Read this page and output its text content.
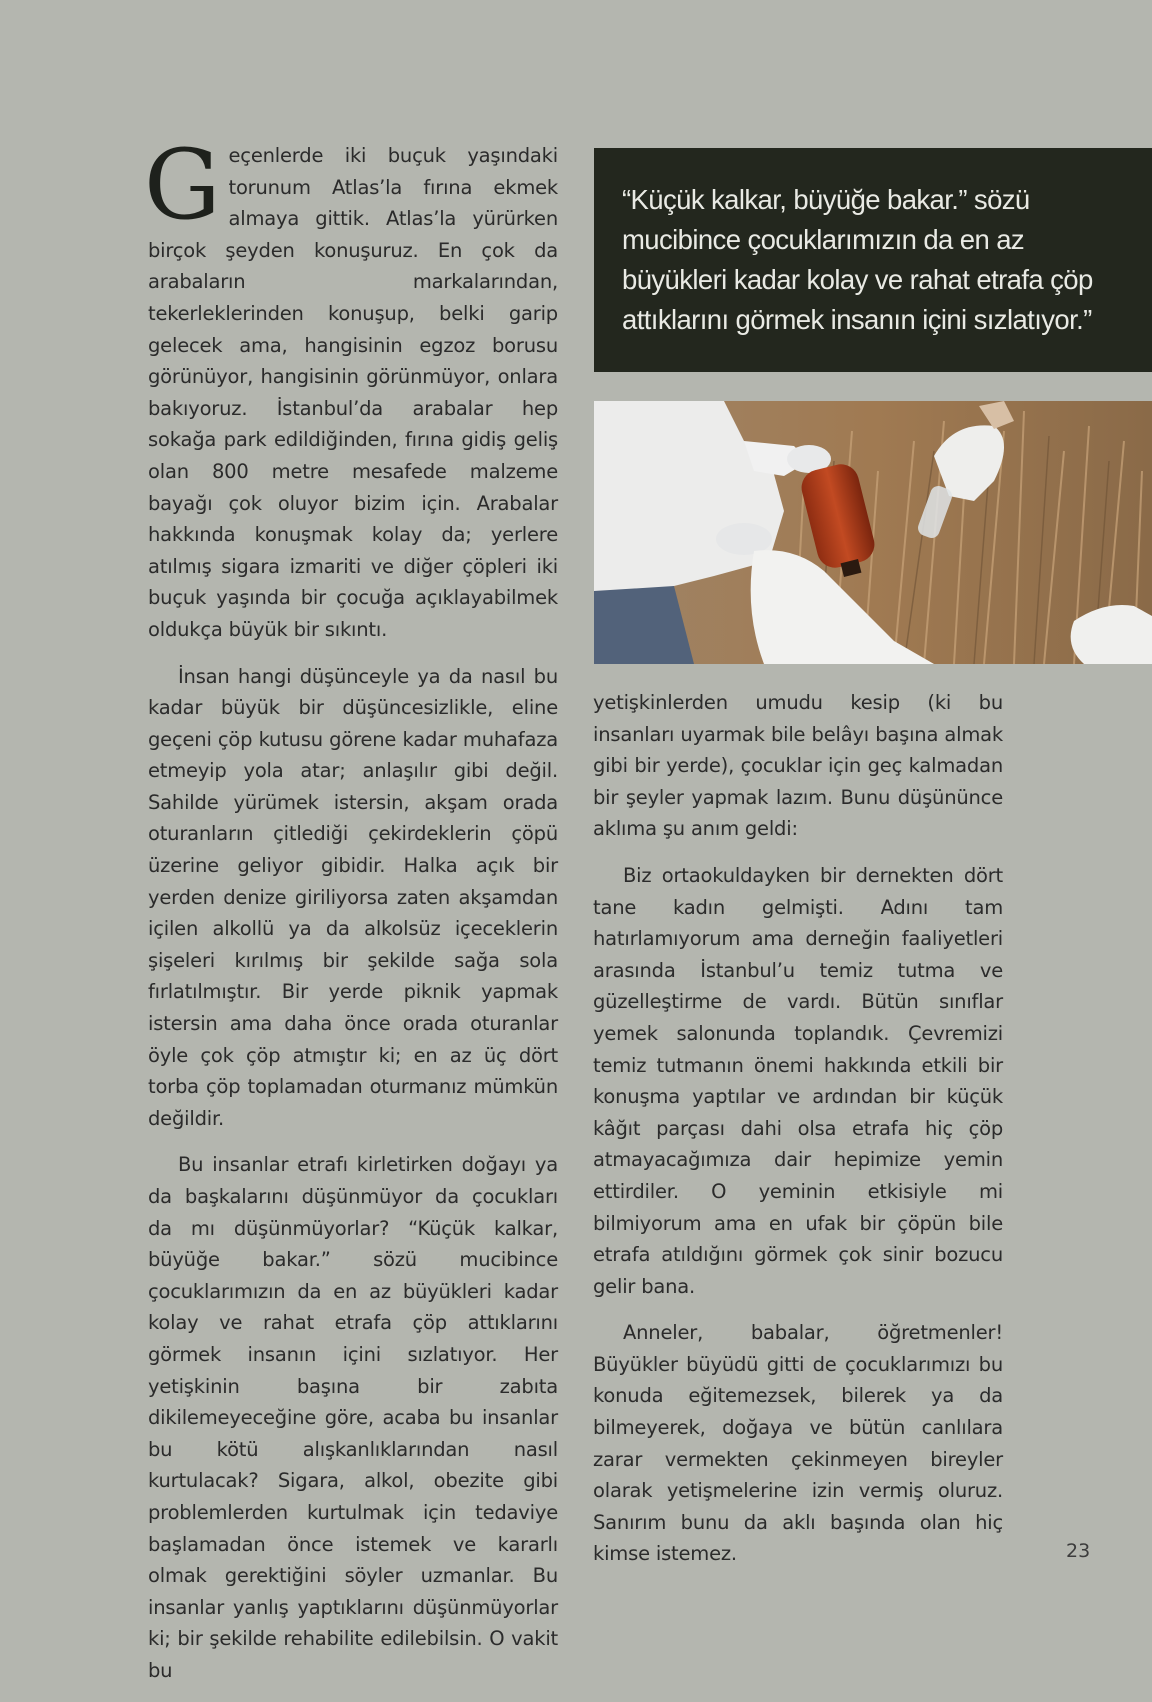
Geçenlerde iki buçuk yaşındaki torunum Atlas’la fırına ekmek almaya gittik. Atlas’la yürürken birçok şeyden konuşuruz. En çok da arabaların markalarından, tekerleklerinden konuşup, belki garip gelecek ama, hangisinin egzoz borusu görünüyor, hangisinin görünmüyor, onlara bakıyoruz. İstanbul’da arabalar hep sokağa park edildiğinden, fırına gidiş geliş olan 800 metre mesafede malzeme bayağı çok oluyor bizim için. Arabalar hakkında konuşmak kolay da; yerlere atılmış sigara izmariti ve diğer çöpleri iki buçuk yaşında bir çocuğa açıklayabilmek oldukça büyük bir sıkıntı.

İnsan hangi düşünceyle ya da nasıl bu kadar büyük bir düşüncesizlikle, eline geçeni çöp kutusu görene kadar muhafaza etmeyip yola atar; anlaşılır gibi değil. Sahilde yürümek istersin, akşam orada oturanların çitlediği çekirdeklerin çöpü üzerine geliyor gibidir. Halka açık bir yerden denize giriliyorsa zaten akşamdan içilen alkollü ya da alkolsüz içeceklerin şişeleri kırılmış bir şekilde sağa sola fırlatılmıştır. Bir yerde piknik yapmak istersin ama daha önce orada oturanlar öyle çok çöp atmıştır ki; en az üç dört torba çöp toplamadan oturmanız mümkün değildir.

Bu insanlar etrafı kirletirken doğayı ya da başkalarını düşünmüyor da çocukları da mı düşünmüyorlar? “Küçük kalkar, büyüğe bakar.” sözü mucibince çocuklarımızın da en az büyükleri kadar kolay ve rahat etrafa çöp attıklarını görmek insanın içini sızlatıyor. Her yetişkinin başına bir zabıta dikilemeyeceğine göre, acaba bu insanlar bu kötü alışkanlıklarından nasıl kurtulacak? Sigara, alkol, obezite gibi problemlerden kurtulmak için tedaviye başlamadan önce istemek ve kararlı olmak gerektiğini söyler uzmanlar. Bu insanlar yanlış yaptıklarını düşünmüyorlar ki; bir şekilde rehabilite edilebilsin. O vakit bu

“Küçük kalkar, büyüğe bakar.” sözü mucibince çocuklarımızın da en az büyükleri kadar kolay ve rahat etrafa çöp attıklarını görmek insanın içini sızlatıyor.”

yetişkinlerden umudu kesip (ki bu insanları uyarmak bile belâyı başına almak gibi bir yerde), çocuklar için geç kalmadan bir şeyler yapmak lazım. Bunu düşününce aklıma şu anım geldi:

Biz ortaokuldayken bir dernekten dört tane kadın gelmişti. Adını tam hatırlamıyorum ama derneğin faaliyetleri arasında İstanbul’u temiz tutma ve güzelleştirme de vardı. Bütün sınıflar yemek salonunda toplandık. Çevremizi temiz tutmanın önemi hakkında etkili bir konuşma yaptılar ve ardından bir küçük kâğıt parçası dahi olsa etrafa hiç çöp atmayacağımıza dair hepimize yemin ettirdiler. O yeminin etkisiyle mi bilmiyorum ama en ufak bir çöpün bile etrafa atıldığını görmek çok sinir bozucu gelir bana.

Anneler, babalar, öğretmenler! Büyükler büyüdü gitti de çocuklarımızı bu konuda eğitemezsek, bilerek ya da bilmeyerek, doğaya ve bütün canlılara zarar vermekten çekinmeyen bireyler olarak yetişmelerine izin vermiş oluruz. Sanırım bunu da aklı başında olan hiç kimse istemez.	23
